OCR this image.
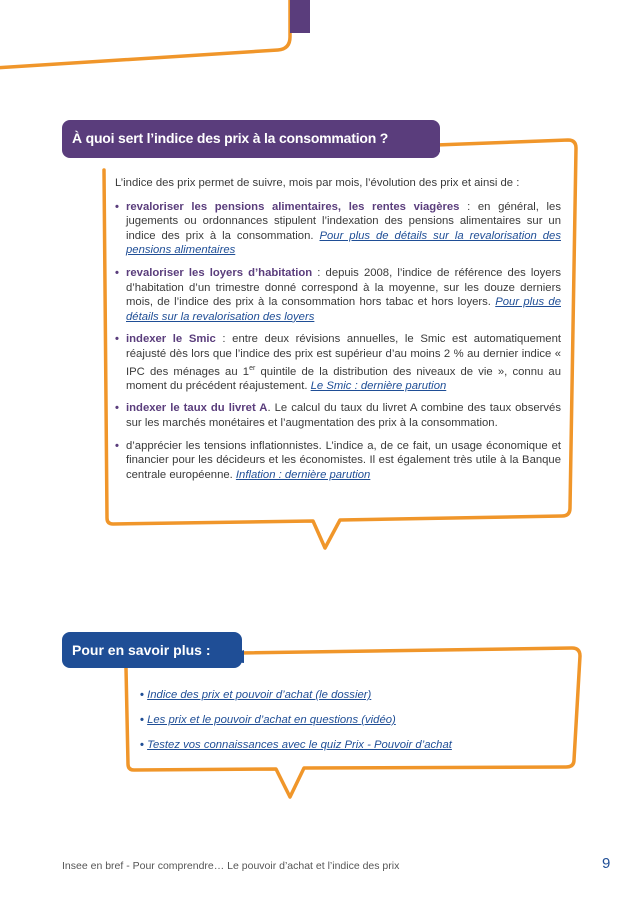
À quoi sert l’indice des prix à la consommation ?

L’indice des prix permet de suivre, mois par mois, l’évolution des prix et ainsi de :

• revaloriser les pensions alimentaires, les rentes viagères : en général, les jugements ou ordonnances stipulent l’indexation des pensions alimentaires sur un indice des prix à la consommation. Pour plus de détails sur la revalorisation des pensions alimentaires
• revaloriser les loyers d’habitation : depuis 2008, l’indice de référence des loyers d’habitation d’un trimestre donné correspond à la moyenne, sur les douze derniers mois, de l’indice des prix à la consommation hors tabac et hors loyers. Pour plus de détails sur la revalorisation des loyers
• indexer le Smic : entre deux révisions annuelles, le Smic est automatiquement réajusté dès lors que l’indice des prix est supérieur d’au moins 2 % au dernier indice « IPC des ménages au 1er quintile de la distribution des niveaux de vie », connu au moment du précédent réajustement. Le Smic : dernière parution
• indexer le taux du livret A. Le calcul du taux du livret A combine des taux observés sur les marchés monétaires et l’augmentation des prix à la consommation.
• d’apprécier les tensions inflationnistes. L’indice a, de ce fait, un usage économique et financier pour les décideurs et les économistes. Il est également très utile à la Banque centrale européenne. Inflation : dernière parution
Pour en savoir plus :
• Indice des prix et pouvoir d’achat (le dossier)
• Les prix et le pouvoir d’achat en questions (vidéo)
• Testez vos connaissances avec le quiz Prix - Pouvoir d’achat
Insee en bref - Pour comprendre… Le pouvoir d’achat et l’indice des prix	9
